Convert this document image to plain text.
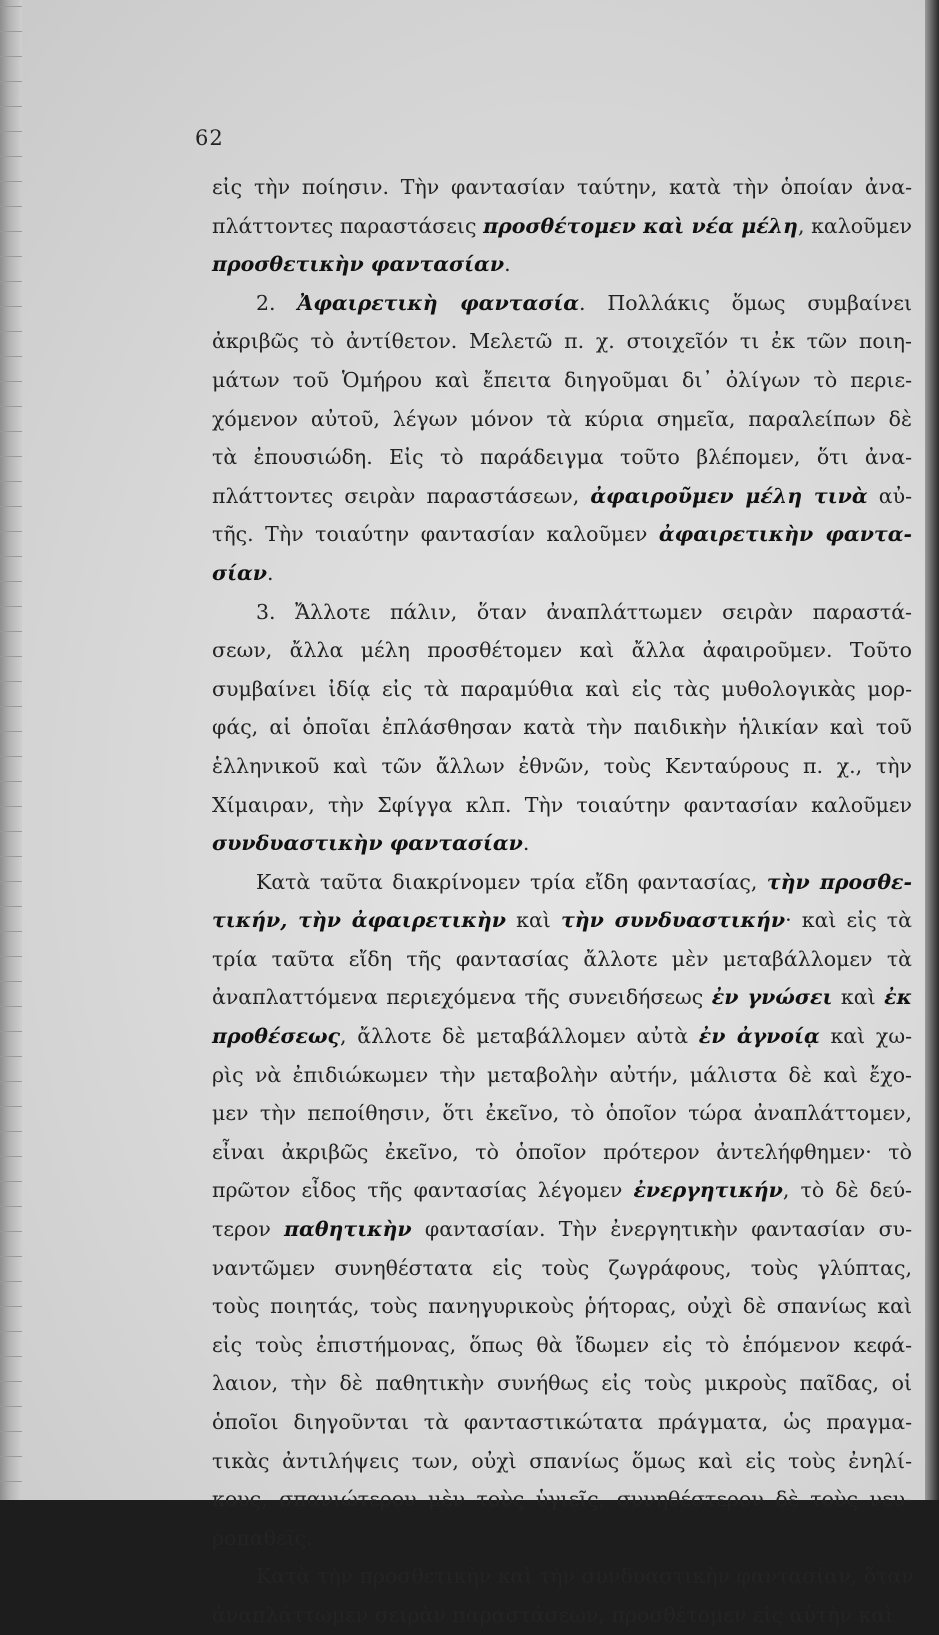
62
εἰς τὴν ποίησιν. Τὴν φαντασίαν ταύτην, κατὰ τὴν ὁποίαν ἀνα-
πλάττοντες παραστάσεις προσθέτομεν καὶ νέα μέλη, καλοῦμεν
προσθετικὴν φαντασίαν.
2. Ἀφαιρετικὴ φαντασία. Πολλάκις ὅμως συμβαίνει
ἀκριβῶς τὸ ἀντίθετον. Μελετῶ π. χ. στοιχεῖόν τι ἐκ τῶν ποιη-
μάτων τοῦ Ὁμήρου καὶ ἔπειτα διηγοῦμαι δι᾽ ὀλίγων τὸ περιε-
χόμενον αὐτοῦ, λέγων μόνον τὰ κύρια σημεῖα, παραλείπων δὲ
τὰ ἐπουσιώδη. Εἰς τὸ παράδειγμα τοῦτο βλέπομεν, ὅτι ἀνα-
πλάττοντες σειρὰν παραστάσεων, ἀφαιροῦμεν μέλη τινὰ αὐ-
τῆς. Τὴν τοιαύτην φαντασίαν καλοῦμεν ἀφαιρετικὴν φαντα-
σίαν.
3. Ἄλλοτε πάλιν, ὅταν ἀναπλάττωμεν σειρὰν παραστά-
σεων, ἄλλα μέλη προσθέτομεν καὶ ἄλλα ἀφαιροῦμεν. Τοῦτο
συμβαίνει ἰδίᾳ εἰς τὰ παραμύθια καὶ εἰς τὰς μυθολογικὰς μορ-
φάς, αἱ ὁποῖαι ἐπλάσθησαν κατὰ τὴν παιδικὴν ἡλικίαν καὶ τοῦ
ἑλληνικοῦ καὶ τῶν ἄλλων ἐθνῶν, τοὺς Κενταύρους π. χ., τὴν
Χίμαιραν, τὴν Σφίγγα κλπ. Τὴν τοιαύτην φαντασίαν καλοῦμεν
συνδυαστικὴν φαντασίαν.
Κατὰ ταῦτα διακρίνομεν τρία εἴδη φαντασίας, τὴν προσθε-
τικήν, τὴν ἀφαιρετικὴν καὶ τὴν συνδυαστικήν· καὶ εἰς τὰ
τρία ταῦτα εἴδη τῆς φαντασίας ἄλλοτε μὲν μεταβάλλομεν τὰ
ἀναπλαττόμενα περιεχόμενα τῆς συνειδήσεως ἐν γνώσει καὶ ἐκ
προθέσεως, ἄλλοτε δὲ μεταβάλλομεν αὐτὰ ἐν ἀγνοίᾳ καὶ χω-
ρὶς νὰ ἐπιδιώκωμεν τὴν μεταβολὴν αὐτήν, μάλιστα δὲ καὶ ἔχο-
μεν τὴν πεποίθησιν, ὅτι ἐκεῖνο, τὸ ὁποῖον τώρα ἀναπλάττομεν,
εἶναι ἀκριβῶς ἐκεῖνο, τὸ ὁποῖον πρότερον ἀντελήφθημεν· τὸ
πρῶτον εἶδος τῆς φαντασίας λέγομεν ἐνεργητικήν, τὸ δὲ δεύ-
τερον παθητικὴν φαντασίαν. Τὴν ἐνεργητικὴν φαντασίαν συ-
ναντῶμεν συνηθέστατα εἰς τοὺς ζωγράφους, τοὺς γλύπτας,
τοὺς ποιητάς, τοὺς πανηγυρικοὺς ῥήτορας, οὐχὶ δὲ σπανίως καὶ
εἰς τοὺς ἐπιστήμονας, ὅπως θὰ ἴδωμεν εἰς τὸ ἑπόμενον κεφά-
λαιον, τὴν δὲ παθητικὴν συνήθως εἰς τοὺς μικροὺς παῖδας, οἱ
ὁποῖοι διηγοῦνται τὰ φανταστικώτατα πράγματα, ὡς πραγμα-
τικὰς ἀντιλήψεις των, οὐχὶ σπανίως ὅμως καὶ εἰς τοὺς ἐνηλί-
κους, σπανιώτερον μὲν τοὺς ὑγιεῖς, συνηθέστερον δὲ τοὺς νευ-
ροπαθεῖς.
Κατὰ τὴν προσθετικὴν καὶ τὴν συνδυαστικὴν φαντασίαν, ὅταν
ἀναπλάττωμεν σειρὰν παραστάσεων, προσθέτομεν εἰς αὐτὴν καὶ
